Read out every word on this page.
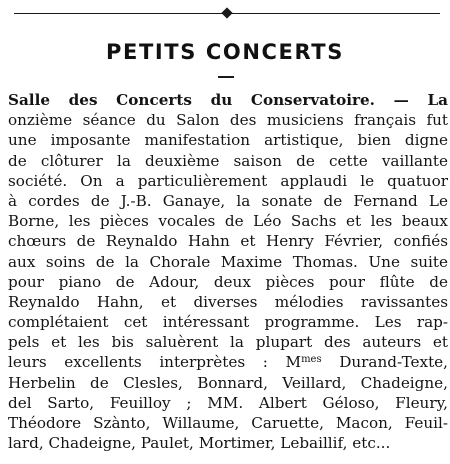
PETITS CONCERTS
Salle des Concerts du Conservatoire. — La
onzième séance du Salon des musiciens français fut
une imposante manifestation artistique, bien digne
de clôturer la deuxième saison de cette vaillante
société. On a particulièrement applaudi le quatuor
à cordes de J.-B. Ganaye, la sonate de Fernand Le
Borne, les pièces vocales de Léo Sachs et les beaux
chœurs de Reynaldo Hahn et Henry Février, confiés
aux soins de la Chorale Maxime Thomas. Une suite
pour piano de Adour, deux pièces pour flûte de
Reynaldo Hahn, et diverses mélodies ravissantes
complétaient cet intéressant programme. Les rap-
pels et les bis saluèrent la plupart des auteurs et
leurs excellents interprètes : $M^{mes}$ Durand-Texte,
Herbelin de Clesles, Bonnard, Veillard, Chadeigne,
del Sarto, Feuilloy ; MM. Albert Géloso, Fleury,
Théodore Szànto, Willaume, Caruette, Macon, Feuil-
lard, Chadeigne, Paulet, Mortimer, Lebaillif, etc...
